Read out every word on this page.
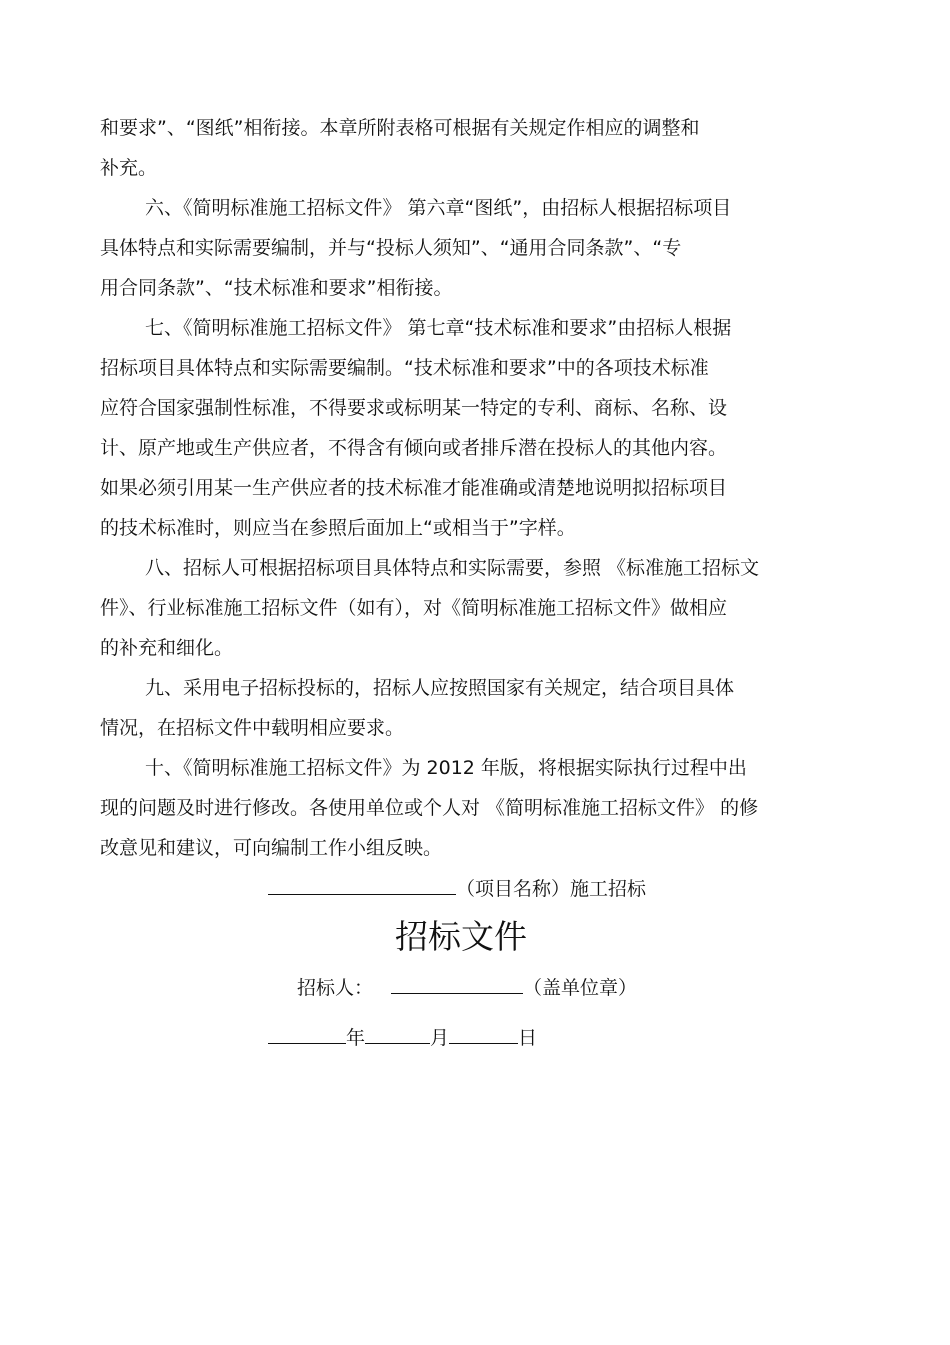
和要求”、“图纸”相衔接。本章所附表格可根据有关规定作相应的调整和
补充。
六、《简明标准施工招标文件》 第六章“图纸”，由招标人根据招标项目
具体特点和实际需要编制，并与“投标人须知”、“通用合同条款”、“专
用合同条款”、“技术标准和要求”相衔接。
七、《简明标准施工招标文件》 第七章“技术标准和要求”由招标人根据
招标项目具体特点和实际需要编制。“技术标准和要求”中的各项技术标准
应符合国家强制性标准，不得要求或标明某一特定的专利、商标、名称、设
计、原产地或生产供应者，不得含有倾向或者排斥潜在投标人的其他内容。
如果必须引用某一生产供应者的技术标准才能准确或清楚地说明拟招标项目
的技术标准时，则应当在参照后面加上“或相当于”字样。
八、招标人可根据招标项目具体特点和实际需要，参照 《标准施工招标文
件》、行业标准施工招标文件（如有），对《简明标准施工招标文件》做相应
的补充和细化。
九、采用电子招标投标的，招标人应按照国家有关规定，结合项目具体
情况，在招标文件中载明相应要求。
十、《简明标准施工招标文件》为 2012 年版，将根据实际执行过程中出
现的问题及时进行修改。各使用单位或个人对 《简明标准施工招标文件》 的修
改意见和建议，可向编制工作小组反映。
（项目名称）施工招标
招标文件
招标人：	（盖单位章）
年	月	日
